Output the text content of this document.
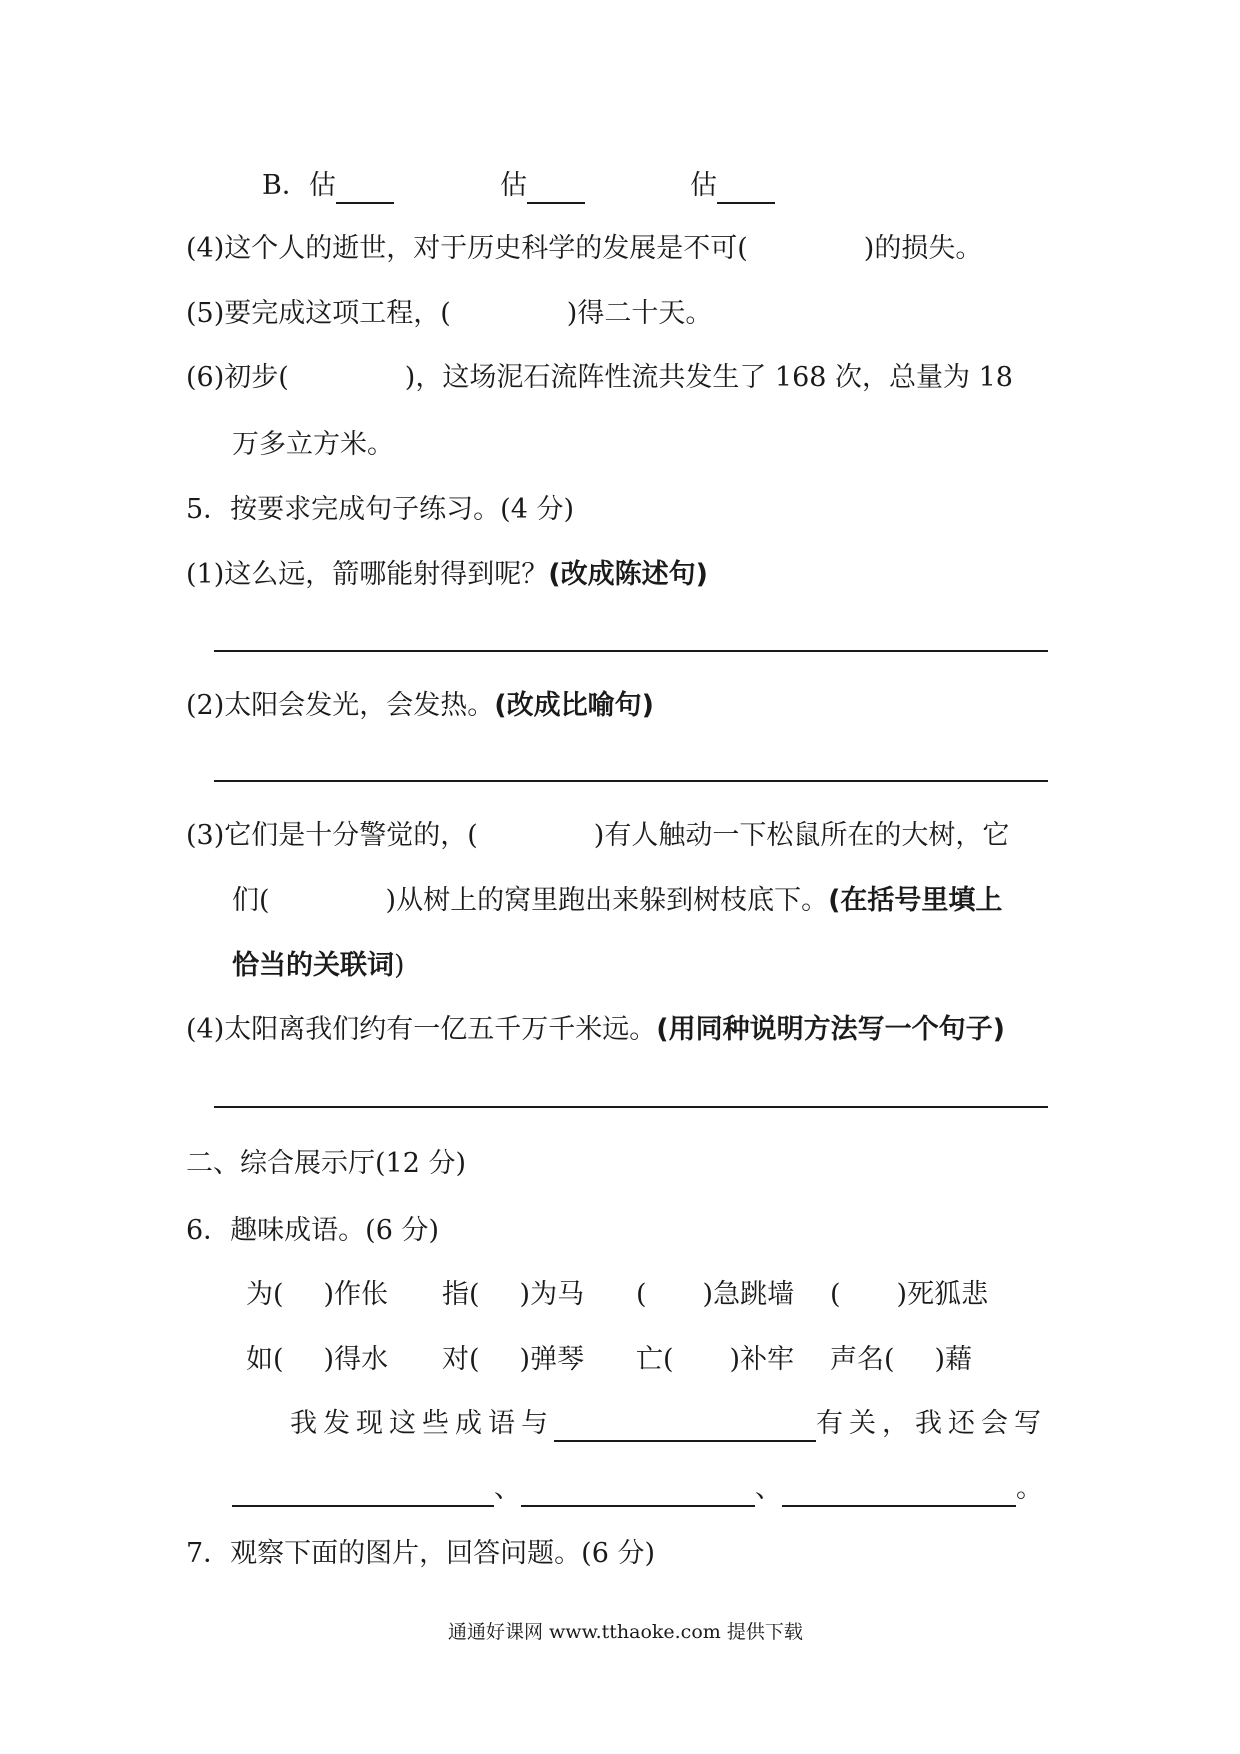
B．估	估	估
(4)这个人的逝世，对于历史科学的发展是不可(	)的损失。
(5)要完成这项工程，(	)得二十天。
(6)初步(	)，这场泥石流阵性流共发生了 168 次，总量为 18
万多立方米。
5．按要求完成句子练习。(4 分)
(1)这么远，箭哪能射得到呢？(改成陈述句)
(2)太阳会发光，会发热。(改成比喻句)
(3)它们是十分警觉的，(	)有人触动一下松鼠所在的大树，它
们(	)从树上的窝里跑出来躲到树枝底下。(在括号里填上
恰当的关联词)
(4)太阳离我们约有一亿五千万千米远。(用同种说明方法写一个句子)
二、综合展示厅(12 分)
6．趣味成语。(6 分)
为( )作伥 指( )为马 ( )急跳墙 ( )死狐悲
如( )得水 对( )弹琴 亡( )补牢 声名( )藉
我发现这些成语与	有关，我还会写
、	、	。
7．观察下面的图片，回答问题。(6 分)
通通好课网 www.tthaoke.com 提供下载
